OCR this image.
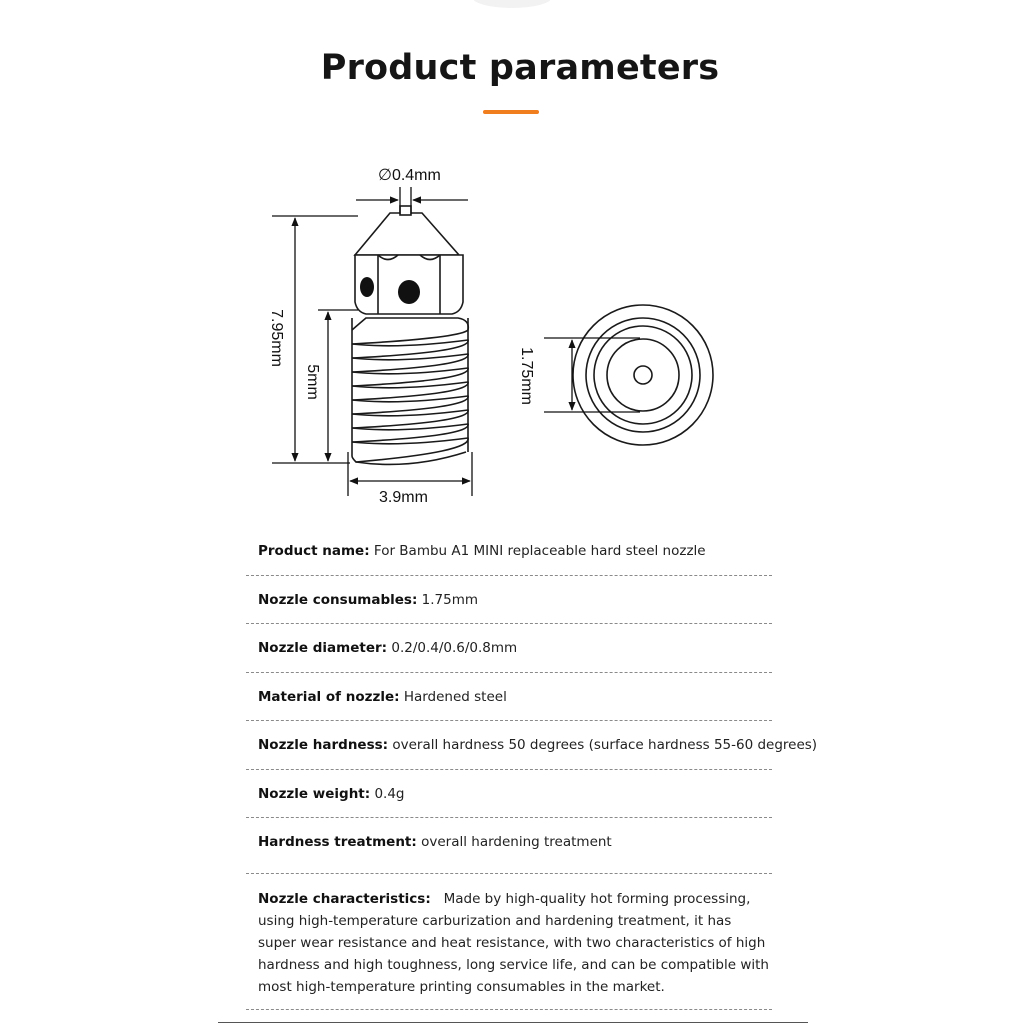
Product parameters
∅0.4mm
7.95mm
5mm
3.9mm
1.75mm
Product name: For Bambu A1 MINI replaceable hard steel nozzle
Nozzle consumables: 1.75mm
Nozzle diameter: 0.2/0.4/0.6/0.8mm
Material of nozzle: Hardened steel
Nozzle hardness: overall hardness 50 degrees (surface hardness 55-60 degrees)
Nozzle weight: 0.4g
Hardness treatment: overall hardening treatment
Nozzle characteristics: Made by high-quality hot forming processing, using high-temperature carburization and hardening treatment, it has super wear resistance and heat resistance, with two characteristics of high hardness and high toughness, long service life, and can be compatible with most high-temperature printing consumables in the market.
